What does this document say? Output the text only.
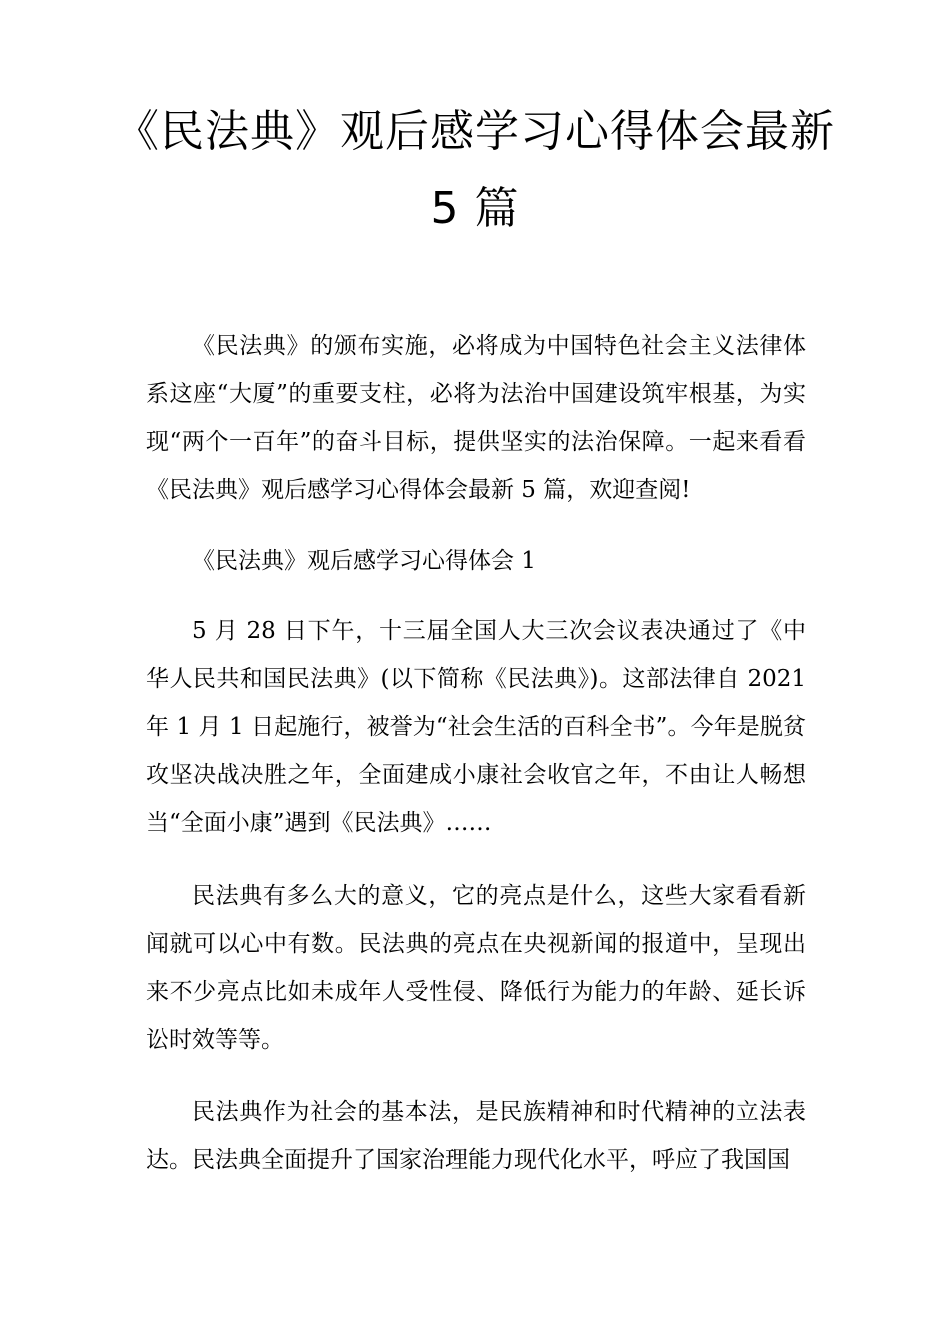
《民法典》观后感学习心得体会最新
5 篇

《民法典》的颁布实施，必将成为中国特色社会主义法律体系这座“大厦”的重要支柱，必将为法治中国建设筑牢根基，为实现“两个一百年”的奋斗目标，提供坚实的法治保障。一起来看看《民法典》观后感学习心得体会最新 5 篇，欢迎查阅!

《民法典》观后感学习心得体会 1

5 月 28 日下午，十三届全国人大三次会议表决通过了《中华人民共和国民法典》(以下简称《民法典》)。这部法律自 2021 年 1 月 1 日起施行，被誉为“社会生活的百科全书”。今年是脱贫攻坚决战决胜之年，全面建成小康社会收官之年，不由让人畅想当“全面小康”遇到《民法典》……

民法典有多么大的意义，它的亮点是什么，这些大家看看新闻就可以心中有数。民法典的亮点在央视新闻的报道中，呈现出来不少亮点比如未成年人受性侵、降低行为能力的年龄、延长诉讼时效等等。

民法典作为社会的基本法，是民族精神和时代精神的立法表达。民法典全面提升了国家治理能力现代化水平，呼应了我国国
